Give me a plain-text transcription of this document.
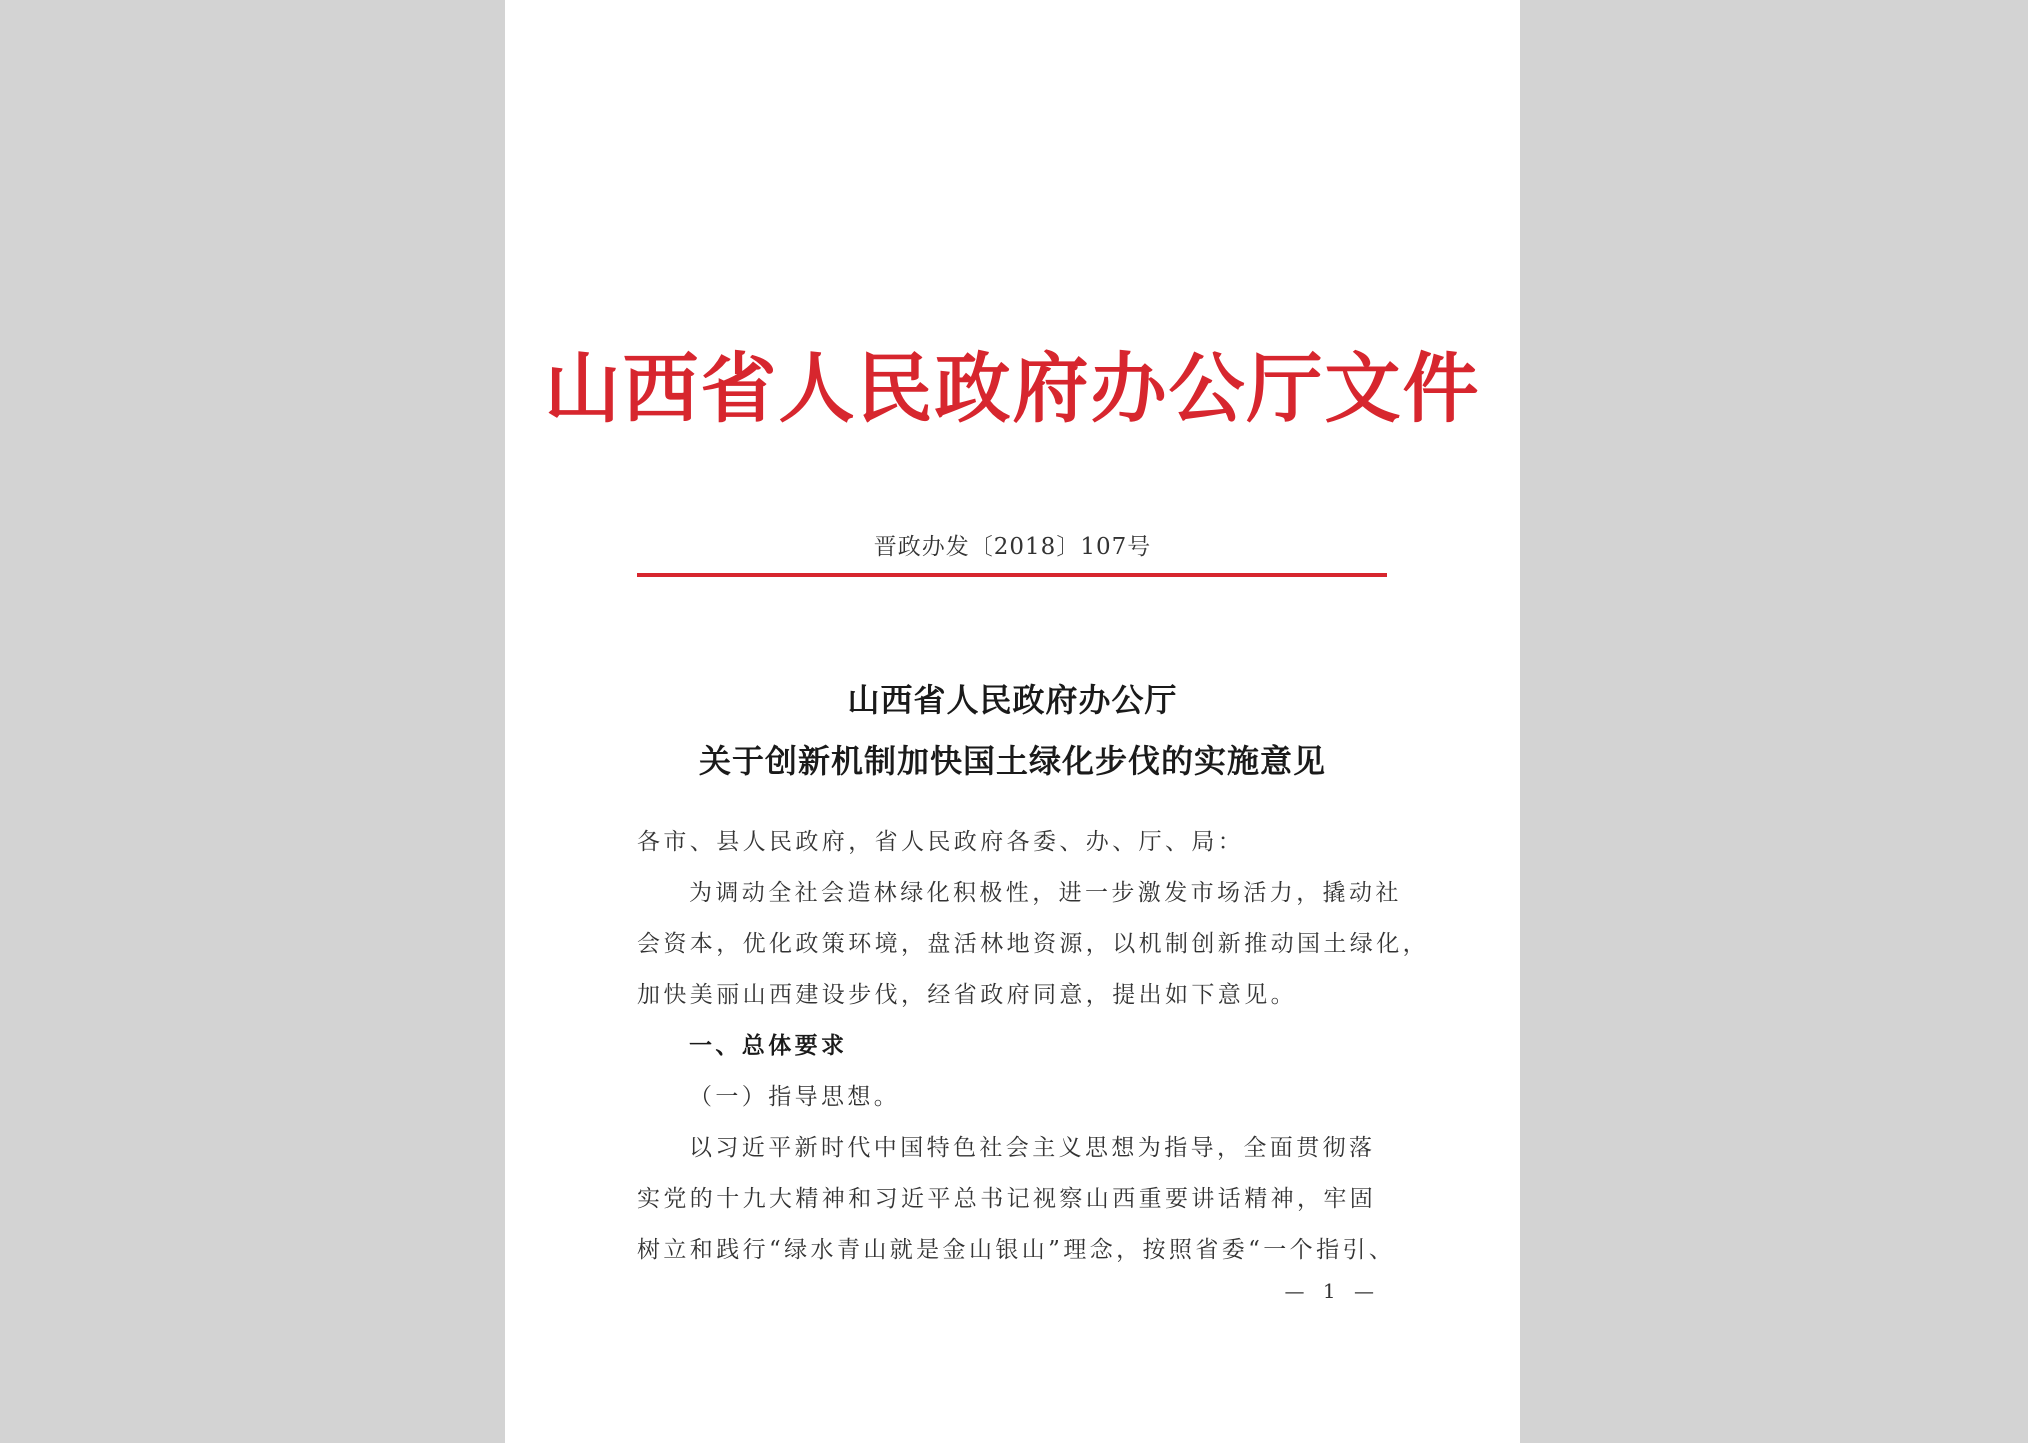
山西省人民政府办公厅文件
晋政办发〔2018〕107号
山西省人民政府办公厅
关于创新机制加快国土绿化步伐的实施意见
各市、县人民政府，省人民政府各委、办、厅、局：
为调动全社会造林绿化积极性，进一步激发市场活力，撬动社
会资本，优化政策环境，盘活林地资源，以机制创新推动国土绿化，
加快美丽山西建设步伐，经省政府同意，提出如下意见。
一、总体要求
（一）指导思想。
以习近平新时代中国特色社会主义思想为指导，全面贯彻落
实党的十九大精神和习近平总书记视察山西重要讲话精神，牢固
树立和践行“绿水青山就是金山银山”理念，按照省委“一个指引、
— 1 —
